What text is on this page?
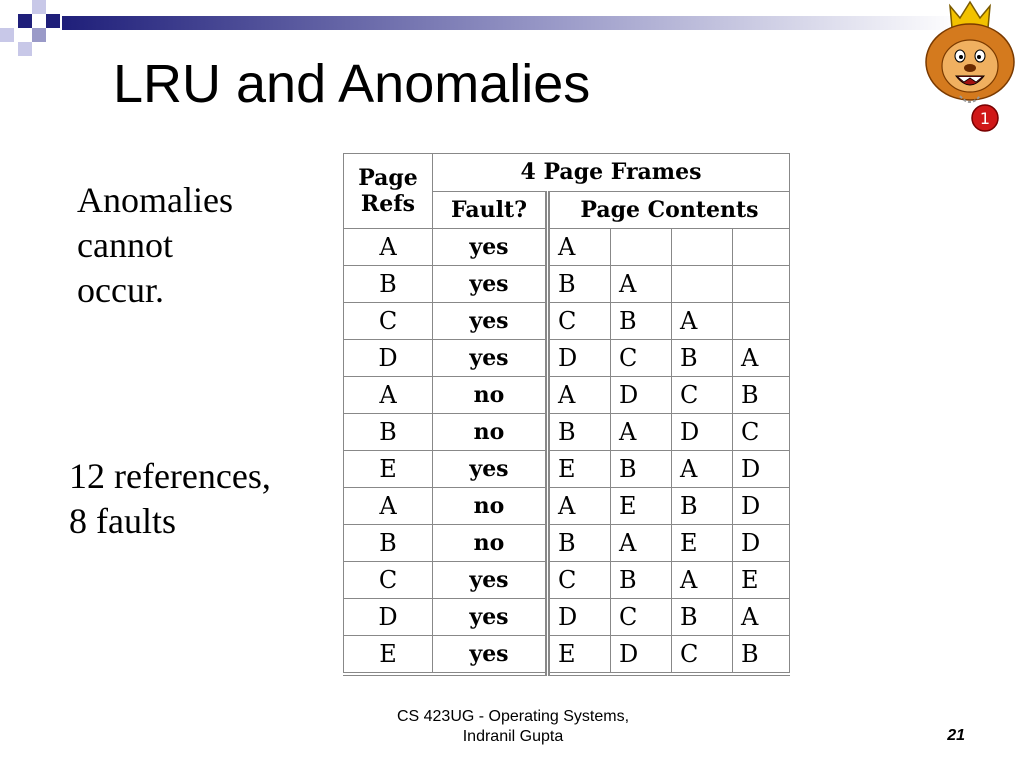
LRU and Anomalies
1
Anomalies
cannot
occur.
12 references,
8 faults
Page
Refs	4 Page Frames				
	Fault?	Page Contents			
A	yes	A			
B	yes	B	A		
C	yes	C	B	A	
D	yes	D	C	B	A
A	no	A	D	C	B
B	no	B	A	D	C
E	yes	E	B	A	D
A	no	A	E	B	D
B	no	B	A	E	D
C	yes	C	B	A	E
D	yes	D	C	B	A
E	yes	E	D	C	B
CS 423UG - Operating Systems,
Indranil Gupta	21
